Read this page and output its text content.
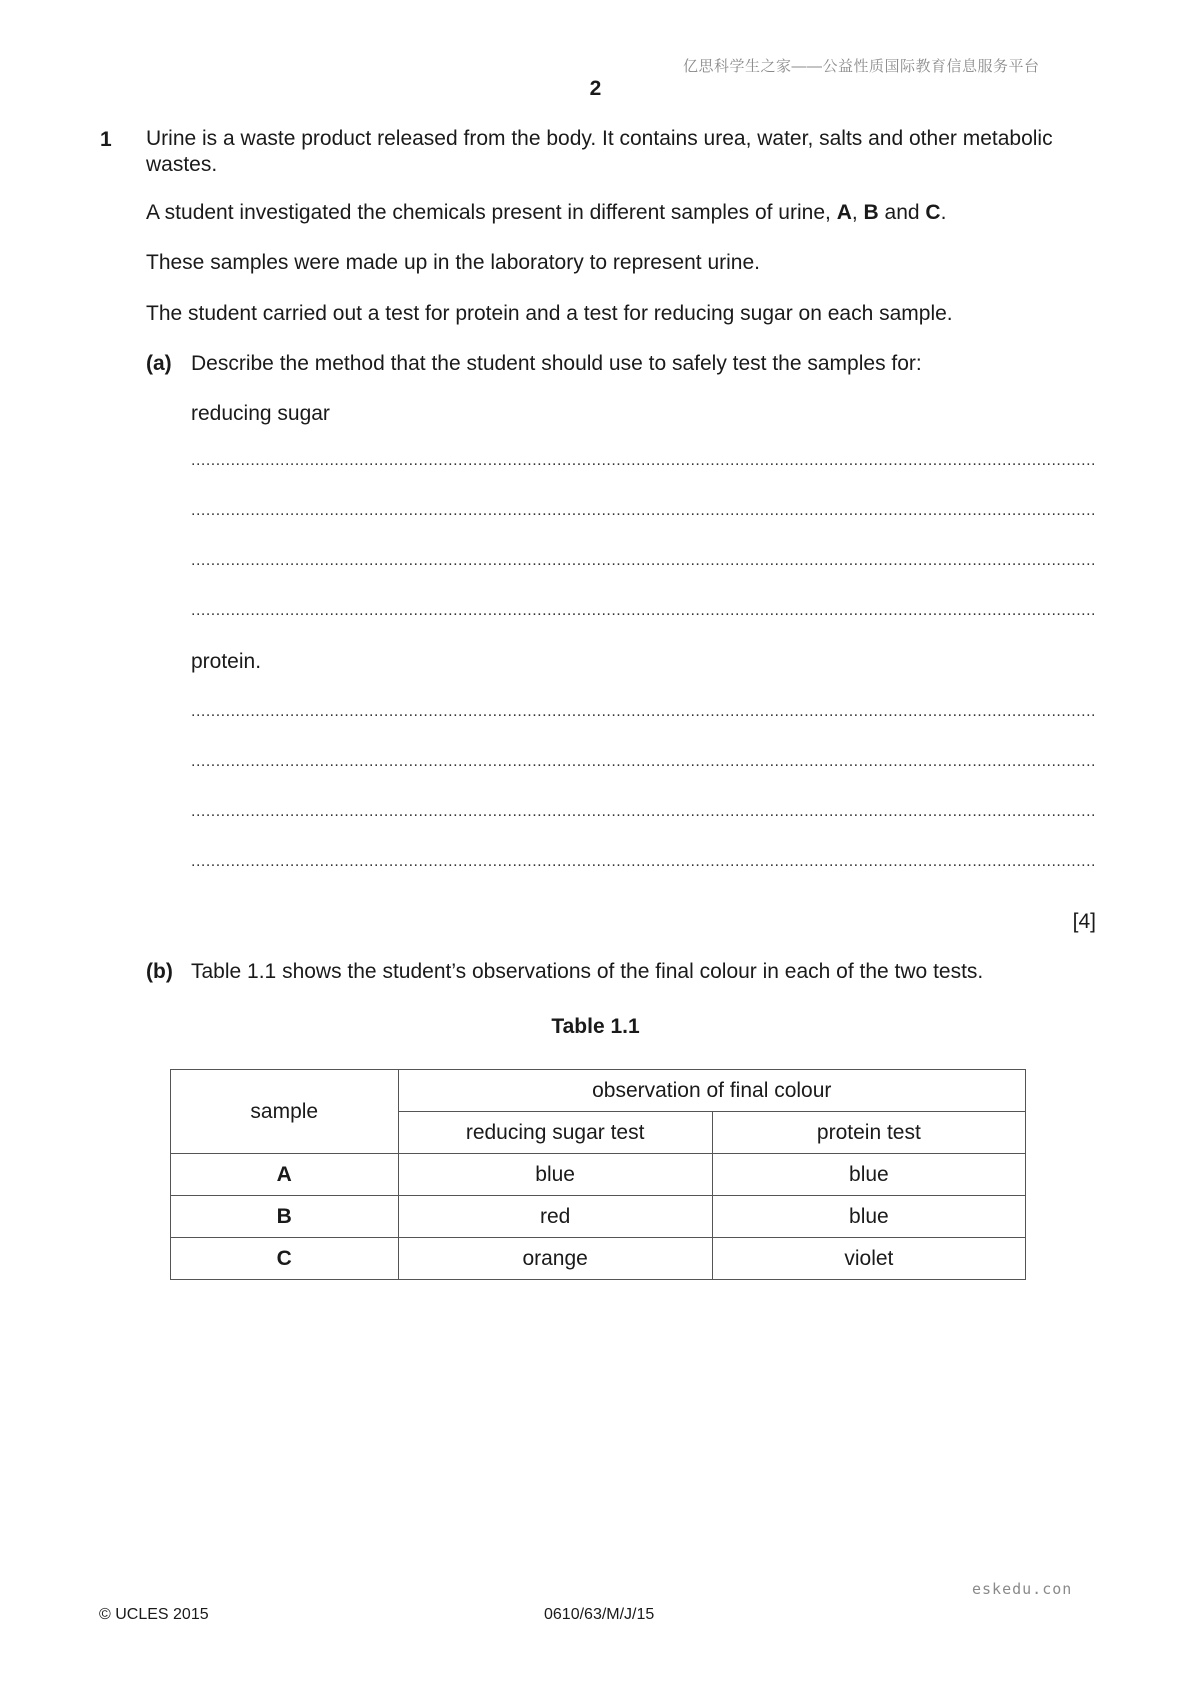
亿思科学生之家——公益性质国际教育信息服务平台
2
1 Urine is a waste product released from the body. It contains urea, water, salts and other metabolic wastes.
A student investigated the chemicals present in different samples of urine, A, B and C.
These samples were made up in the laboratory to represent urine.
The student carried out a test for protein and a test for reducing sugar on each sample.
(a) Describe the method that the student should use to safely test the samples for:
reducing sugar
.......................................................................................................................................................................................
.......................................................................................................................................................................................
.......................................................................................................................................................................................
.......................................................................................................................................................................................
protein.
.......................................................................................................................................................................................
.......................................................................................................................................................................................
.......................................................................................................................................................................................
.......................................................................................................................................................................................
[4]
(b) Table 1.1 shows the student’s observations of the final colour in each of the two tests.
Table 1.1
sample	observation of final colour	
	reducing sugar test	protein test
A	blue	blue
B	red	blue
C	orange	violet
eskedu.con
© UCLES 2015	0610/63/M/J/15
